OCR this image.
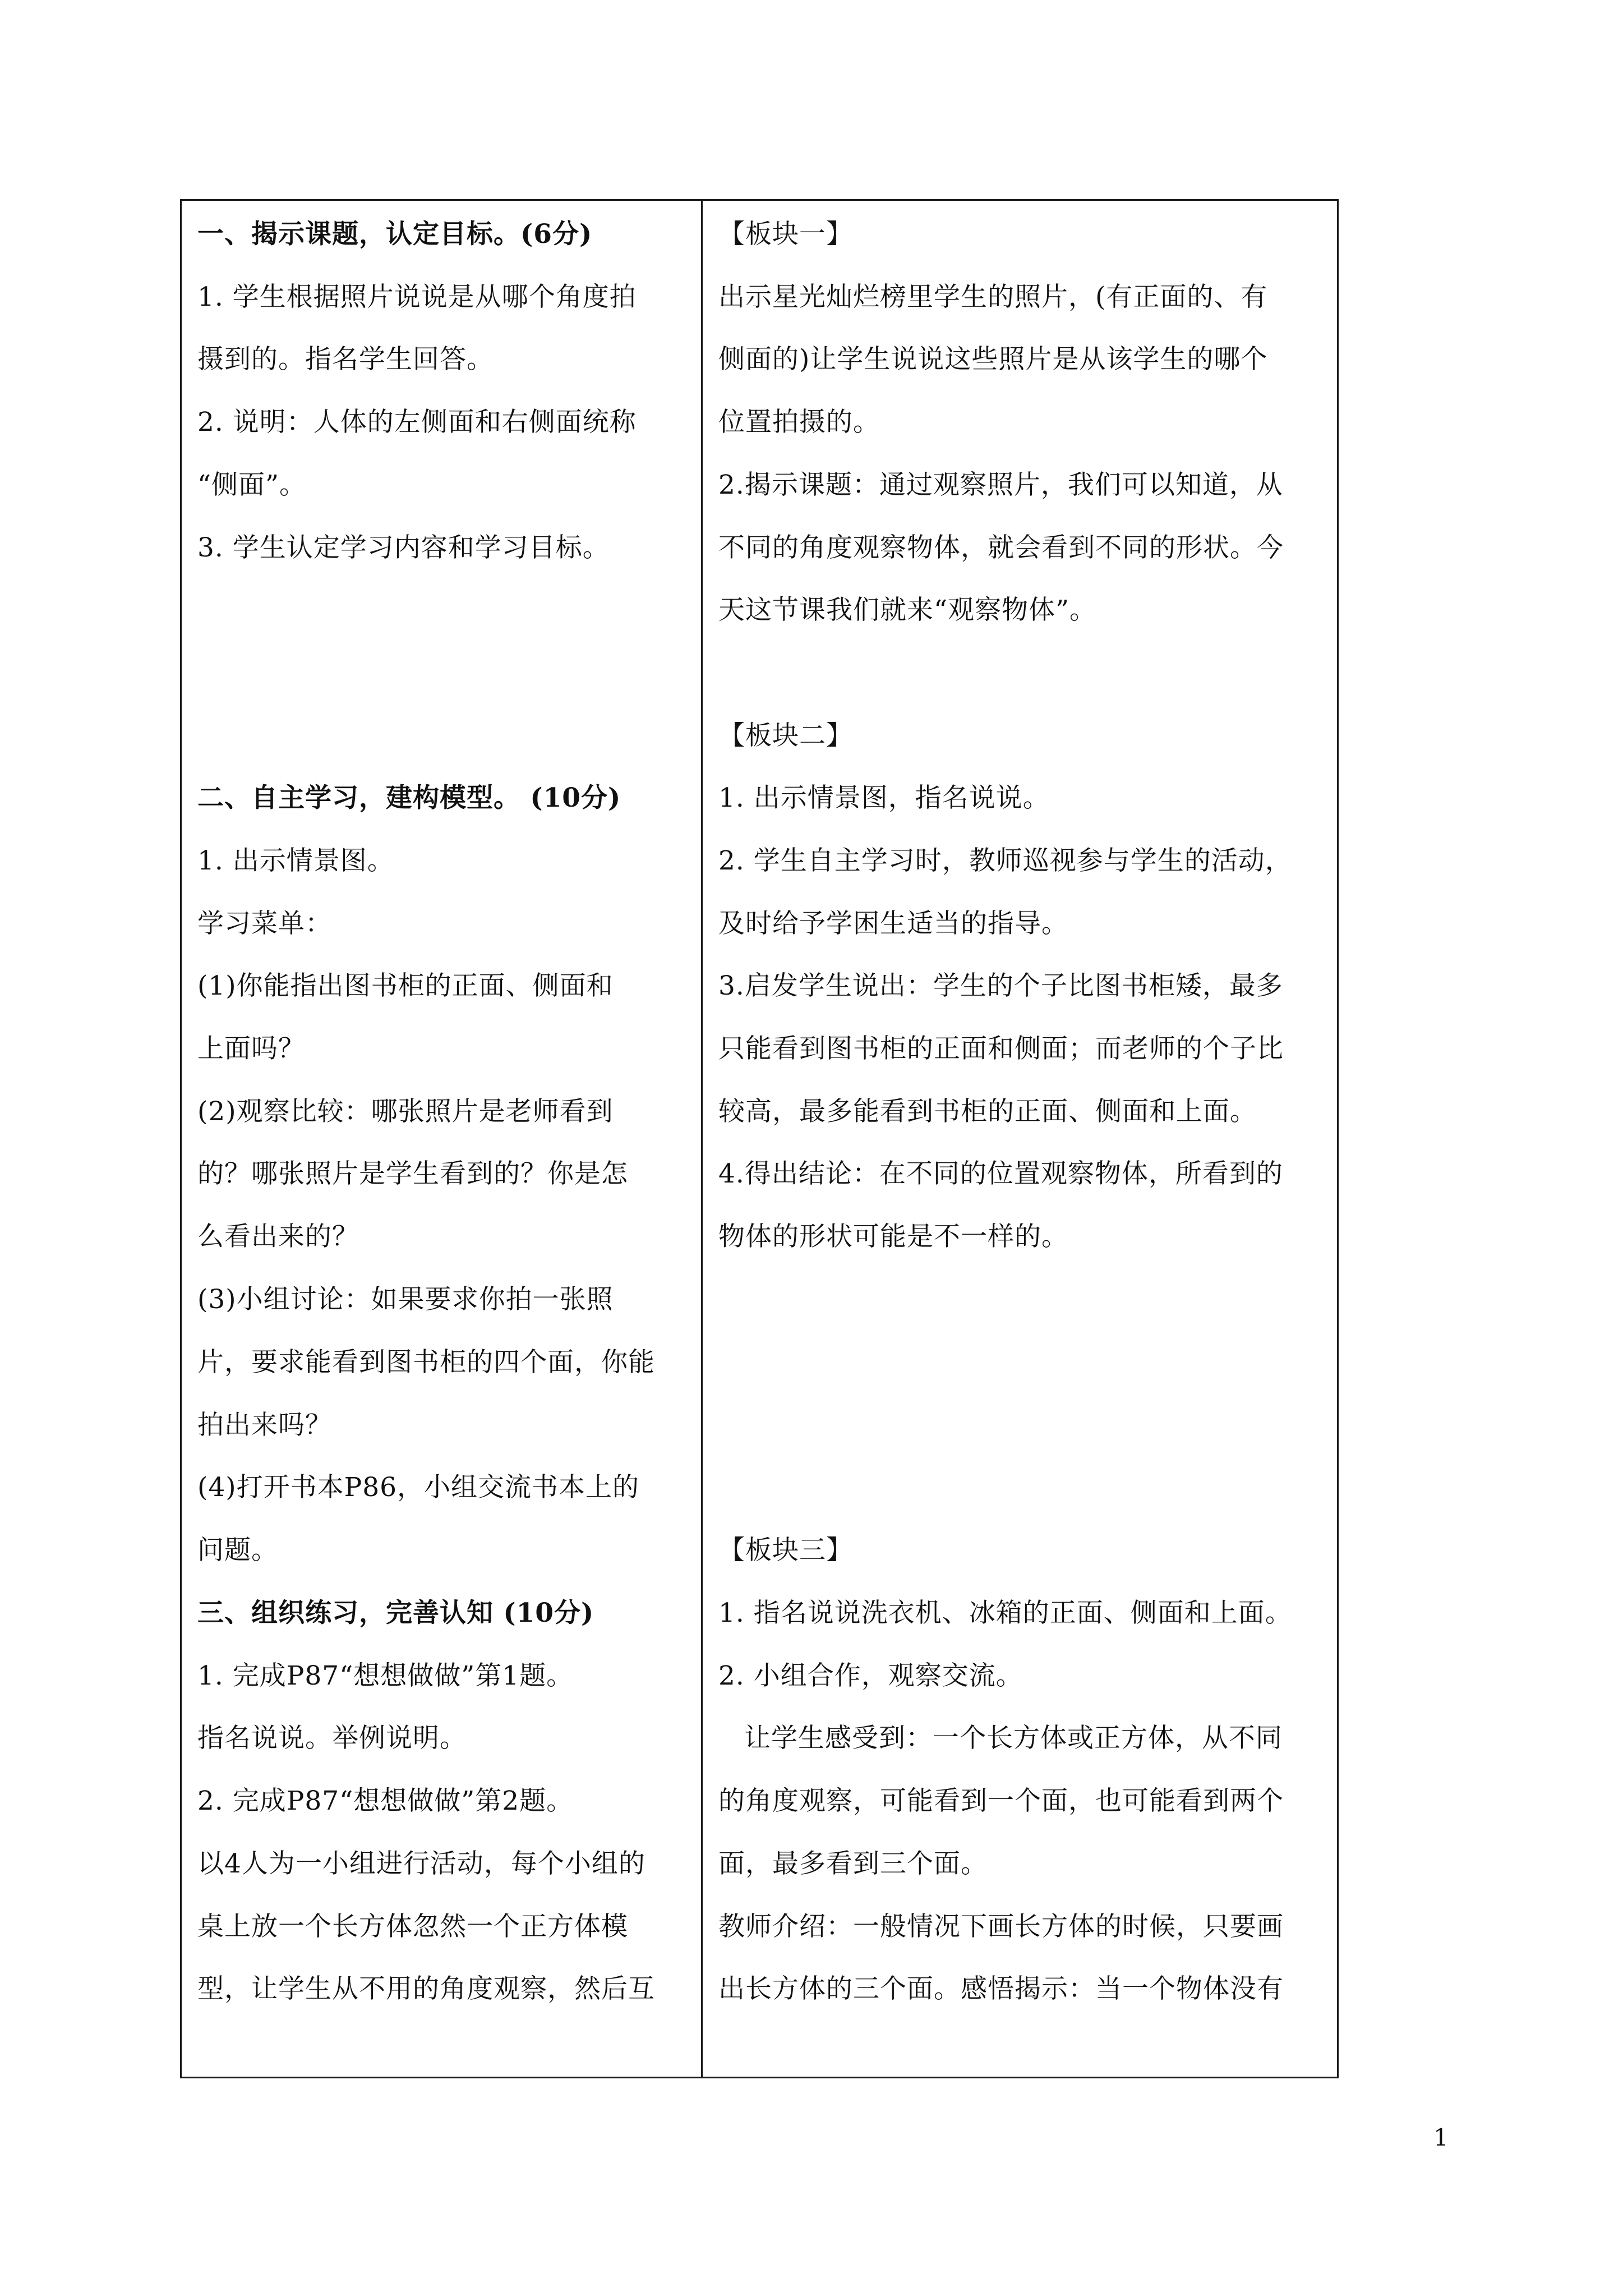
一、揭示课题，认定目标。(6分)

1. 学生根据照片说说是从哪个角度拍

摄到的。指名学生回答。

2. 说明：人体的左侧面和右侧面统称

“侧面”。

3. 学生认定学习内容和学习目标。

二、自主学习，建构模型。 (10分)

1. 出示情景图。

学习菜单：

(1)你能指出图书柜的正面、侧面和

上面吗？

(2)观察比较：哪张照片是老师看到

的？哪张照片是学生看到的？你是怎

么看出来的？

(3)小组讨论：如果要求你拍一张照

片，要求能看到图书柜的四个面，你能

拍出来吗？

(4)打开书本P86，小组交流书本上的

问题。

三、组织练习，完善认知 (10分)

1. 完成P87“想想做做”第1题。

指名说说。举例说明。

2. 完成P87“想想做做”第2题。

以4人为一小组进行活动，每个小组的

桌上放一个长方体忽然一个正方体模

型，让学生从不用的角度观察，然后互

【板块一】

出示星光灿烂榜里学生的照片，(有正面的、有

侧面的)让学生说说这些照片是从该学生的哪个

位置拍摄的。

2.揭示课题：通过观察照片，我们可以知道，从

不同的角度观察物体，就会看到不同的形状。今

天这节课我们就来“观察物体”。

【板块二】

1. 出示情景图，指名说说。

2. 学生自主学习时，教师巡视参与学生的活动，

及时给予学困生适当的指导。

3.启发学生说出：学生的个子比图书柜矮，最多

只能看到图书柜的正面和侧面；而老师的个子比

较高，最多能看到书柜的正面、侧面和上面。

4.得出结论：在不同的位置观察物体，所看到的

物体的形状可能是不一样的。

【板块三】

1. 指名说说洗衣机、冰箱的正面、侧面和上面。

2. 小组合作，观察交流。

让学生感受到：一个长方体或正方体，从不同

的角度观察，可能看到一个面，也可能看到两个

面，最多看到三个面。

教师介绍：一般情况下画长方体的时候，只要画

出长方体的三个面。感悟揭示：当一个物体没有

1
